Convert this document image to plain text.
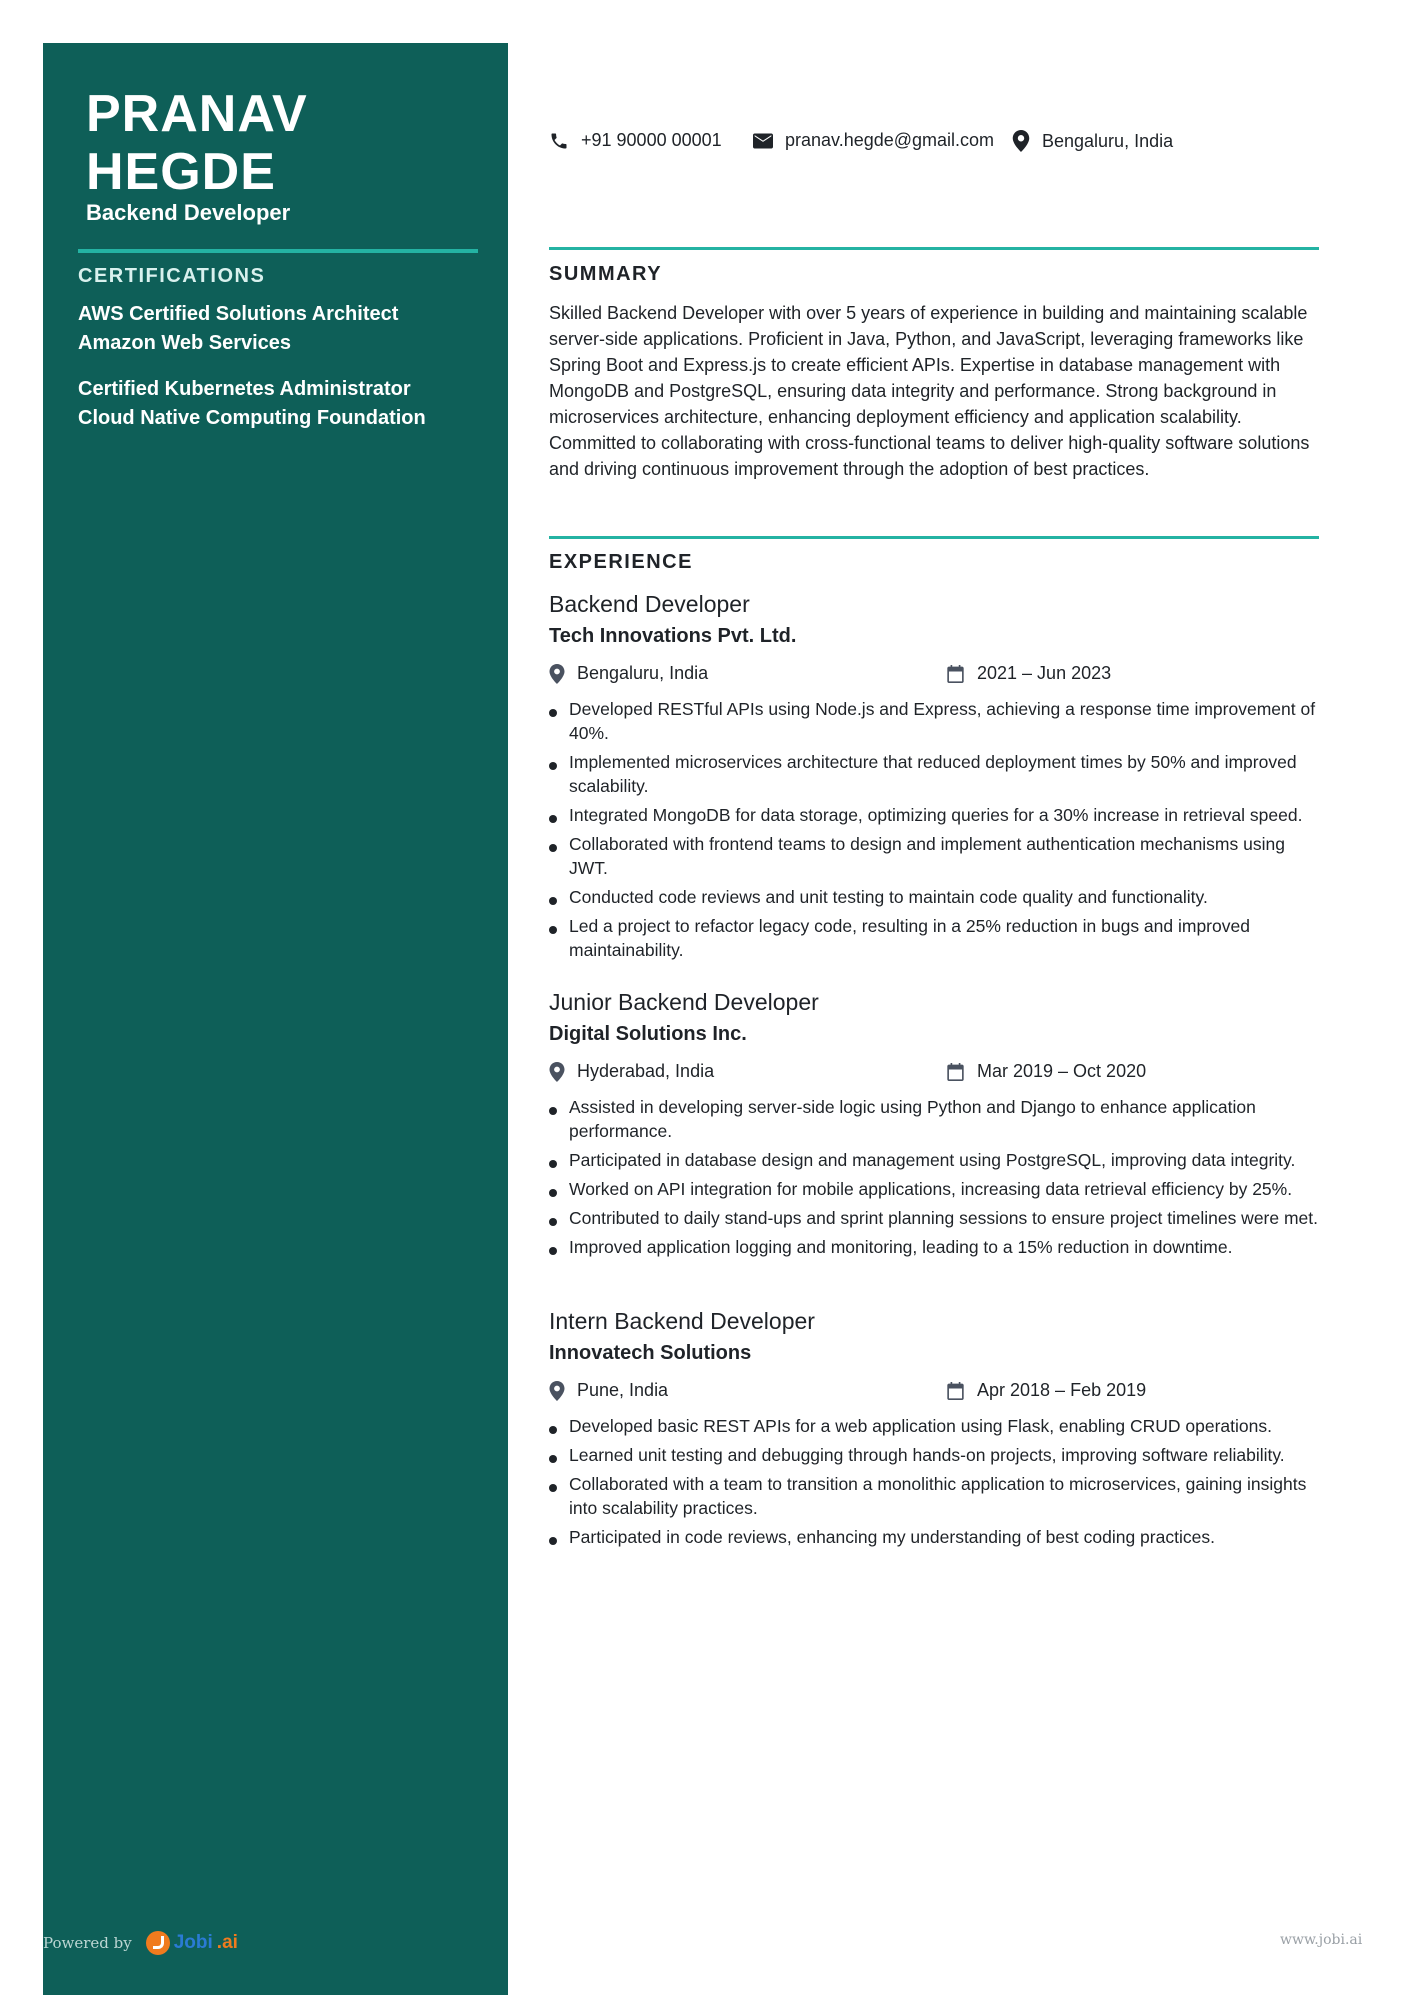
PRANAV
HEGDE
Backend Developer
CERTIFICATIONS
AWS Certified Solutions Architect
Amazon Web Services
Certified Kubernetes Administrator
Cloud Native Computing Foundation
Powered by Jobi .ai	www.jobi.ai
+91 90000 00001	pranav.hegde@gmail.com	Bengaluru, India
SUMMARY
Skilled Backend Developer with over 5 years of experience in building and maintaining scalable server-side applications. Proficient in Java, Python, and JavaScript, leveraging frameworks like Spring Boot and Express.js to create efficient APIs. Expertise in database management with MongoDB and PostgreSQL, ensuring data integrity and performance. Strong background in microservices architecture, enhancing deployment efficiency and application scalability. Committed to collaborating with cross-functional teams to deliver high-quality software solutions and driving continuous improvement through the adoption of best practices.
EXPERIENCE
Backend Developer
Tech Innovations Pvt. Ltd.
Bengaluru, India	2021 – Jun 2023
Developed RESTful APIs using Node.js and Express, achieving a response time improvement of 40%.
Implemented microservices architecture that reduced deployment times by 50% and improved scalability.
Integrated MongoDB for data storage, optimizing queries for a 30% increase in retrieval speed.
Collaborated with frontend teams to design and implement authentication mechanisms using JWT.
Conducted code reviews and unit testing to maintain code quality and functionality.
Led a project to refactor legacy code, resulting in a 25% reduction in bugs and improved maintainability.
Junior Backend Developer
Digital Solutions Inc.
Hyderabad, India	Mar 2019 – Oct 2020
Assisted in developing server-side logic using Python and Django to enhance application performance.
Participated in database design and management using PostgreSQL, improving data integrity.
Worked on API integration for mobile applications, increasing data retrieval efficiency by 25%.
Contributed to daily stand-ups and sprint planning sessions to ensure project timelines were met.
Improved application logging and monitoring, leading to a 15% reduction in downtime.
Intern Backend Developer
Innovatech Solutions
Pune, India	Apr 2018 – Feb 2019
Developed basic REST APIs for a web application using Flask, enabling CRUD operations.
Learned unit testing and debugging through hands-on projects, improving software reliability.
Collaborated with a team to transition a monolithic application to microservices, gaining insights into scalability practices.
Participated in code reviews, enhancing my understanding of best coding practices.
